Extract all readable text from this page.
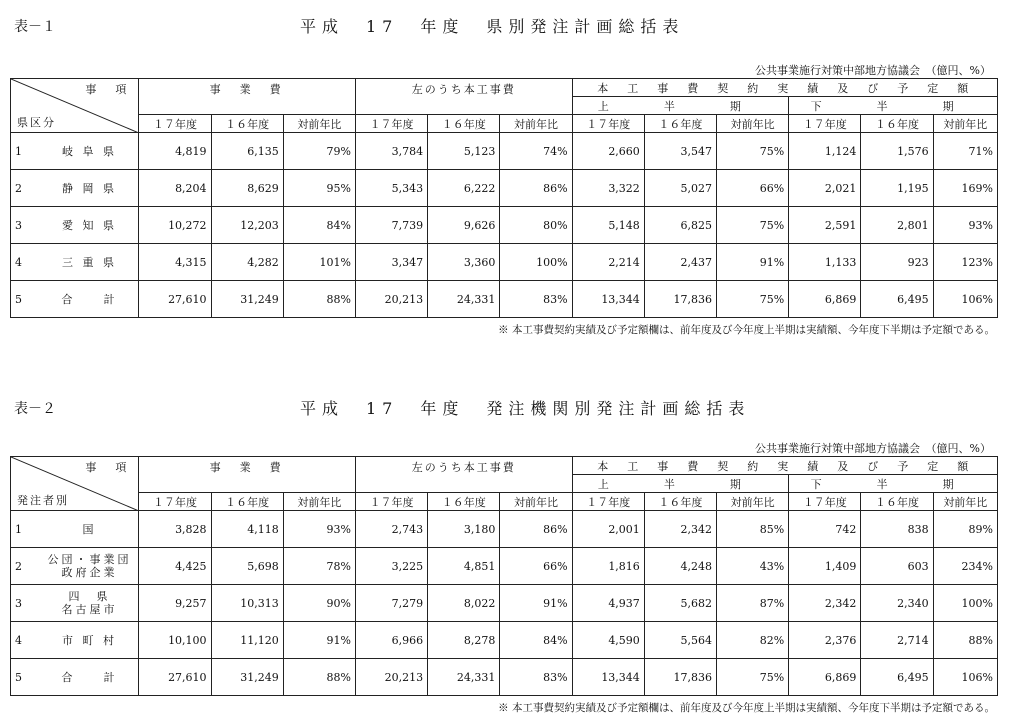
表－１	平成　17　年度　県別発注計画総括表
公共事業施行対策中部地方協議会　（億円、%）
事　項
県区分		事　業　費			左のうち本工事費			本　工　事　費　契　約　実　績　及　び　予　定　額					
								上　半　期			下　半　期		
		１７年度	１６年度	対前年比	１７年度	１６年度	対前年比	１７年度	１６年度	対前年比	１７年度	１６年度	対前年比
1	岐 阜 県	4,819	6,135	79%	3,784	5,123	74%	2,660	3,547	75%	1,124	1,576	71%
2	静 岡 県	8,204	8,629	95%	5,343	6,222	86%	3,322	5,027	66%	2,021	1,195	169%
3	愛 知 県	10,272	12,203	84%	7,739	9,626	80%	5,148	6,825	75%	2,591	2,801	93%
4	三 重 県	4,315	4,282	101%	3,347	3,360	100%	2,214	2,437	91%	1,133	923	123%
5	合　　計	27,610	31,249	88%	20,213	24,331	83%	13,344	17,836	75%	6,869	6,495	106%
※ 本工事費契約実績及び予定額欄は、前年度及び今年度上半期は実績額、今年度下半期は予定額である。
表－２	平成　17　年度　発注機関別発注計画総括表
公共事業施行対策中部地方協議会　（億円、%）
事　項
発注者別		事　業　費			左のうち本工事費			本　工　事　費　契　約　実　績　及　び　予　定　額					
								上　半　期			下　半　期		
		１７年度	１６年度	対前年比	１７年度	１６年度	対前年比	１７年度	１６年度	対前年比	１７年度	１６年度	対前年比
1	国	3,828	4,118	93%	2,743	3,180	86%	2,001	2,342	85%	742	838	89%
2	公団・事業団
政府企業	4,425	5,698	78%	3,225	4,851	66%	1,816	4,248	43%	1,409	603	234%
3	四　県
名古屋市	9,257	10,313	90%	7,279	8,022	91%	4,937	5,682	87%	2,342	2,340	100%
4	市 町 村	10,100	11,120	91%	6,966	8,278	84%	4,590	5,564	82%	2,376	2,714	88%
5	合　　計	27,610	31,249	88%	20,213	24,331	83%	13,344	17,836	75%	6,869	6,495	106%
※ 本工事費契約実績及び予定額欄は、前年度及び今年度上半期は実績額、今年度下半期は予定額である。
